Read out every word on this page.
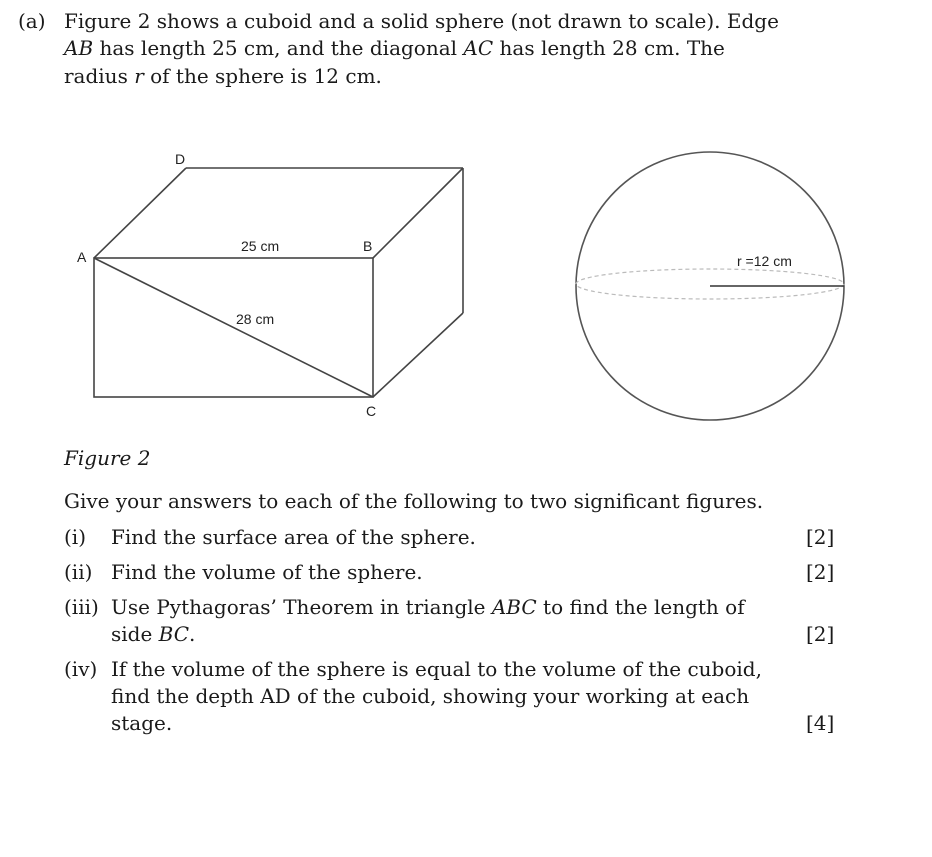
(a) Figure 2 shows a cuboid and a solid sphere (not drawn to scale). Edge
AB has length 25 cm, and the diagonal AC has length 28 cm. The
radius r of the sphere is 12 cm.
A
B
C
D
25 cm
28 cm
r =12 cm
Figure 2
Give your answers to each of the following to two significant figures.
(i) Find the surface area of the sphere.	[2]
(ii) Find the volume of the sphere.	[2]
(iii) Use Pythagoras’ Theorem in triangle ABC to find the length of
side BC.	[2]
(iv) If the volume of the sphere is equal to the volume of the cuboid,
find the depth AD of the cuboid, showing your working at each
stage.	[4]
